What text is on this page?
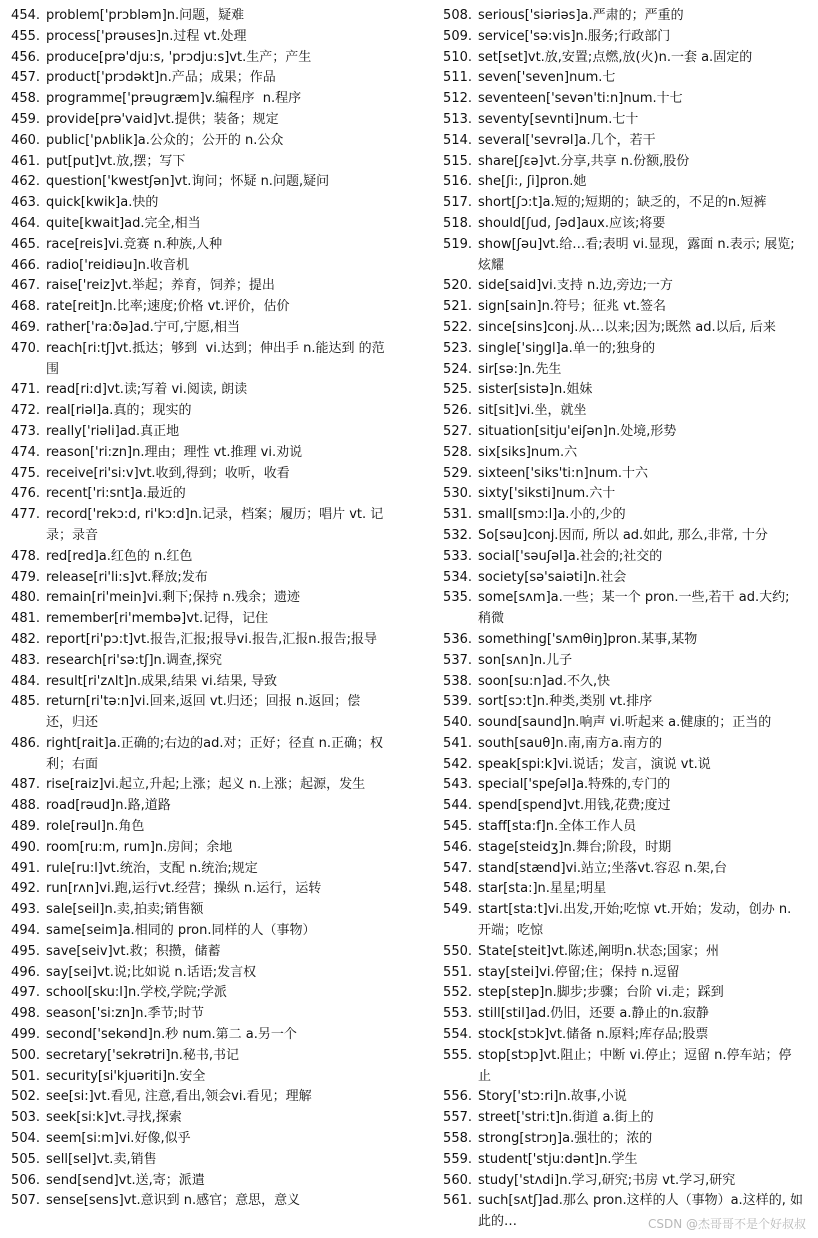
454. problem['prɔbləm]n.问题，疑难
455. process['prəuses]n.过程 vt.处理
456. produce[prə'dju:s, 'prɔdju:s]vt.生产；产生
457. product['prɔdəkt]n.产品；成果；作品
458. programme['prəugræm]v.编程序  n.程序
459. provide[prə'vaid]vt.提供；装备；规定
460. public['pʌblik]a.公众的；公开的 n.公众
461. put[put]vt.放,摆；写下
462. question['kwestʃən]vt.询问；怀疑 n.问题,疑问
463. quick[kwik]a.快的
464. quite[kwait]ad.完全,相当
465. race[reis]vi.竞赛 n.种族,人种
466. radio['reidiəu]n.收音机
467. raise['reiz]vt.举起；养育，饲养；提出
468. rate[reit]n.比率;速度;价格 vt.评价，估价
469. rather['ra:ðə]ad.宁可,宁愿,相当
470. reach[ri:tʃ]vt.抵达；够到  vi.达到；伸出手 n.能达到 的范围
471. read[ri:d]vt.读;写着 vi.阅读, 朗读
472. real[riəl]a.真的；现实的
473. really['riəli]ad.真正地
474. reason['ri:zn]n.理由；理性 vt.推理 vi.劝说
475. receive[ri'si:v]vt.收到,得到；收听，收看
476. recent['ri:snt]a.最近的
477. record['rekɔ:d, ri'kɔ:d]n.记录，档案；履历；唱片 vt. 记录；录音
478. red[red]a.红色的 n.红色
479. release[ri'li:s]vt.释放;发布
480. remain[ri'mein]vi.剩下;保持 n.残余；遗迹
481. remember[ri'membə]vt.记得，记住
482. report[ri'pɔ:t]vt.报告,汇报;报导vi.报告,汇报n.报告;报导
483. research[ri'sə:tʃ]n.调查,探究
484. result[ri'zʌlt]n.成果,结果 vi.结果, 导致
485. return[ri'tə:n]vi.回来,返回 vt.归还；回报 n.返回；偿还，归还
486. right[rait]a.正确的;右边的ad.对；正好；径直 n.正确；权利；右面
487. rise[raiz]vi.起立,升起;上涨；起义 n.上涨；起源，发生
488. road[rəud]n.路,道路
489. role[rəul]n.角色
490. room[ru:m, rum]n.房间；余地
491. rule[ru:l]vt.统治，支配 n.统治;规定
492. run[rʌn]vi.跑,运行vt.经营；操纵 n.运行，运转
493. sale[seil]n.卖,拍卖;销售额
494. same[seim]a.相同的 pron.同样的人（事物）
495. save[seiv]vt.救；积攒，储蓄
496. say[sei]vt.说;比如说 n.话语;发言权
497. school[sku:l]n.学校,学院;学派
498. season['si:zn]n.季节;时节
499. second['sekənd]n.秒 num.第二 a.另一个
500. secretary['sekrətri]n.秘书,书记
501. security[si'kjuəriti]n.安全
502. see[si:]vt.看见, 注意,看出,领会vi.看见；理解
503. seek[si:k]vt.寻找,探索
504. seem[si:m]vi.好像,似乎
505. sell[sel]vt.卖,销售
506. send[send]vt.送,寄；派遣
507. sense[sens]vt.意识到 n.感官；意思，意义
508. serious['siəriəs]a.严肃的；严重的
509. service['sə:vis]n.服务;行政部门
510. set[set]vt.放,安置;点燃,放(火)n.一套 a.固定的
511. seven['seven]num.七
512. seventeen['sevən'ti:n]num.十七
513. seventy[sevnti]num.七十
514. several['sevrəl]a.几个，若干
515. share[ʃεə]vt.分享,共享 n.份额,股份
516. she[ʃi:, ʃi]pron.她
517. short[ʃɔ:t]a.短的;短期的；缺乏的，不足的n.短裤
518. should[ʃud, ʃəd]aux.应该;将要
519. show[ʃəu]vt.给…看;表明 vi.显现，露面 n.表示; 展览; 炫耀
520. side[said]vi.支持 n.边,旁边;一方
521. sign[sain]n.符号；征兆 vt.签名
522. since[sins]conj.从…以来;因为;既然 ad.以后, 后来
523. single['siŋgl]a.单一的;独身的
524. sir[sə:]n.先生
525. sister[sistə]n.姐妹
526. sit[sit]vi.坐，就坐
527. situation[sitju'eiʃən]n.处境,形势
528. six[siks]num.六
529. sixteen['siks'ti:n]num.十六
530. sixty['siksti]num.六十
531. small[smɔ:l]a.小的,少的
532. So[səu]conj.因而, 所以 ad.如此, 那么,非常, 十分
533. social['səuʃəl]a.社会的;社交的
534. society[sə'saiəti]n.社会
535. some[sʌm]a.一些；某一个 pron.一些,若干 ad.大约; 稍微
536. something['sʌmθiŋ]pron.某事,某物
537. son[sʌn]n.儿子
538. soon[su:n]ad.不久,快
539. sort[sɔ:t]n.种类,类别 vt.排序
540. sound[saund]n.响声 vi.听起来 a.健康的；正当的
541. south[sauθ]n.南,南方a.南方的
542. speak[spi:k]vi.说话；发言，演说 vt.说
543. special['speʃəl]a.特殊的,专门的
544. spend[spend]vt.用钱,花费;度过
545. staff[sta:f]n.全体工作人员
546. stage[steidʒ]n.舞台;阶段，时期
547. stand[stænd]vi.站立;坐落vt.容忍 n.架,台
548. star[sta:]n.星星;明星
549. start[sta:t]vi.出发,开始;吃惊 vt.开始；发动，创办 n.开端；吃惊
550. State[steit]vt.陈述,阐明n.状态;国家；州
551. stay[stei]vi.停留;住；保持 n.逗留
552. step[step]n.脚步;步骤；台阶 vi.走；踩到
553. still[stil]ad.仍旧，还要 a.静止的n.寂静
554. stock[stɔk]vt.储备 n.原料;库存品;股票
555. stop[stɔp]vt.阻止；中断 vi.停止；逗留 n.停车站；停止
556. Story['stɔ:ri]n.故事,小说
557. street['stri:t]n.街道 a.街上的
558. strong[strɔŋ]a.强壮的；浓的
559. student['stju:dənt]n.学生
560. study['stʌdi]n.学习,研究;书房 vt.学习,研究
561. such[sʌtʃ]ad.那么 pron.这样的人（事物）a.这样的, 如此的…	CSDN @杰哥哥不是个好叔叔
